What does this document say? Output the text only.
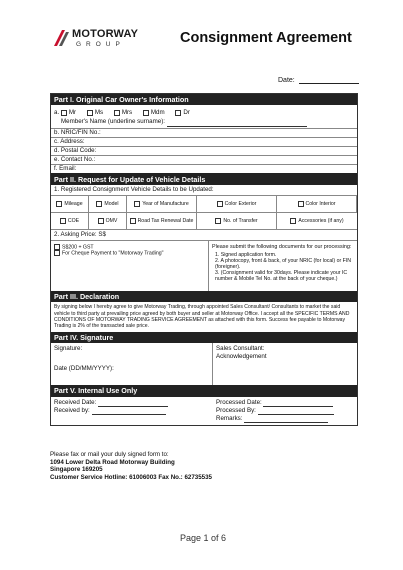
MOTORWAY
GROUP	Consignment Agreement
Date:
Part I. Original Car Owner's Information
a. Mr	Ms	Mrs	Mdm	Dr
Member's Name (underline surname):
b. NRIC/FIN No.:
c. Address:
d. Postal Code:
e. Contact No.:
f. Email:
Part II. Request for Update of Vehicle Details
1. Registered Consignment Vehicle Details to be Updated:
Mileage	Model	Year of Manufacture	Color Exterior	Color Interior
COE	OMV	Road Tax Renewal Date	No. of Transfer	Accessories (if any)
2. Asking Price: S$
S$200 + GST
For Cheque Payment to "Motorway Trading"
Please submit the following documents for our processing:
1. Signed application form.
2. A photocopy, front & back, of your NRIC (for local) or FIN (foreigner).
3. (Consignment valid for 30days. Please indicate your IC number & Mobile Tel No. at the back of your cheque.)
Part III. Declaration
By signing below I hereby agree to give Motorway Trading, through appointed Sales Consultant/ Consultants to market the said vehicle to third party at prevailing price agreed by both buyer and seller at Motorway Office. I accept all the SPECIFIC TERMS AND CONDITIONS OF MOTORWAY TRADING SERVICE AGREEMENT as attached with this form. Success fee payable to Motorway Trading is 2% of the transacted sale price.
Part IV. Signature
Signature:
Date (DD/MM/YYYY):
Sales Consultant:
Acknowledgement
Part V. Internal Use Only
Received Date:
Received by:
Processed Date:
Processed By:
Remarks:
Please fax or mail your duly signed form to:
1094 Lower Delta Road Motorway Building
Singapore 169205
Customer Service Hotline: 61006003 Fax No.: 62735535
Page 1 of 6
